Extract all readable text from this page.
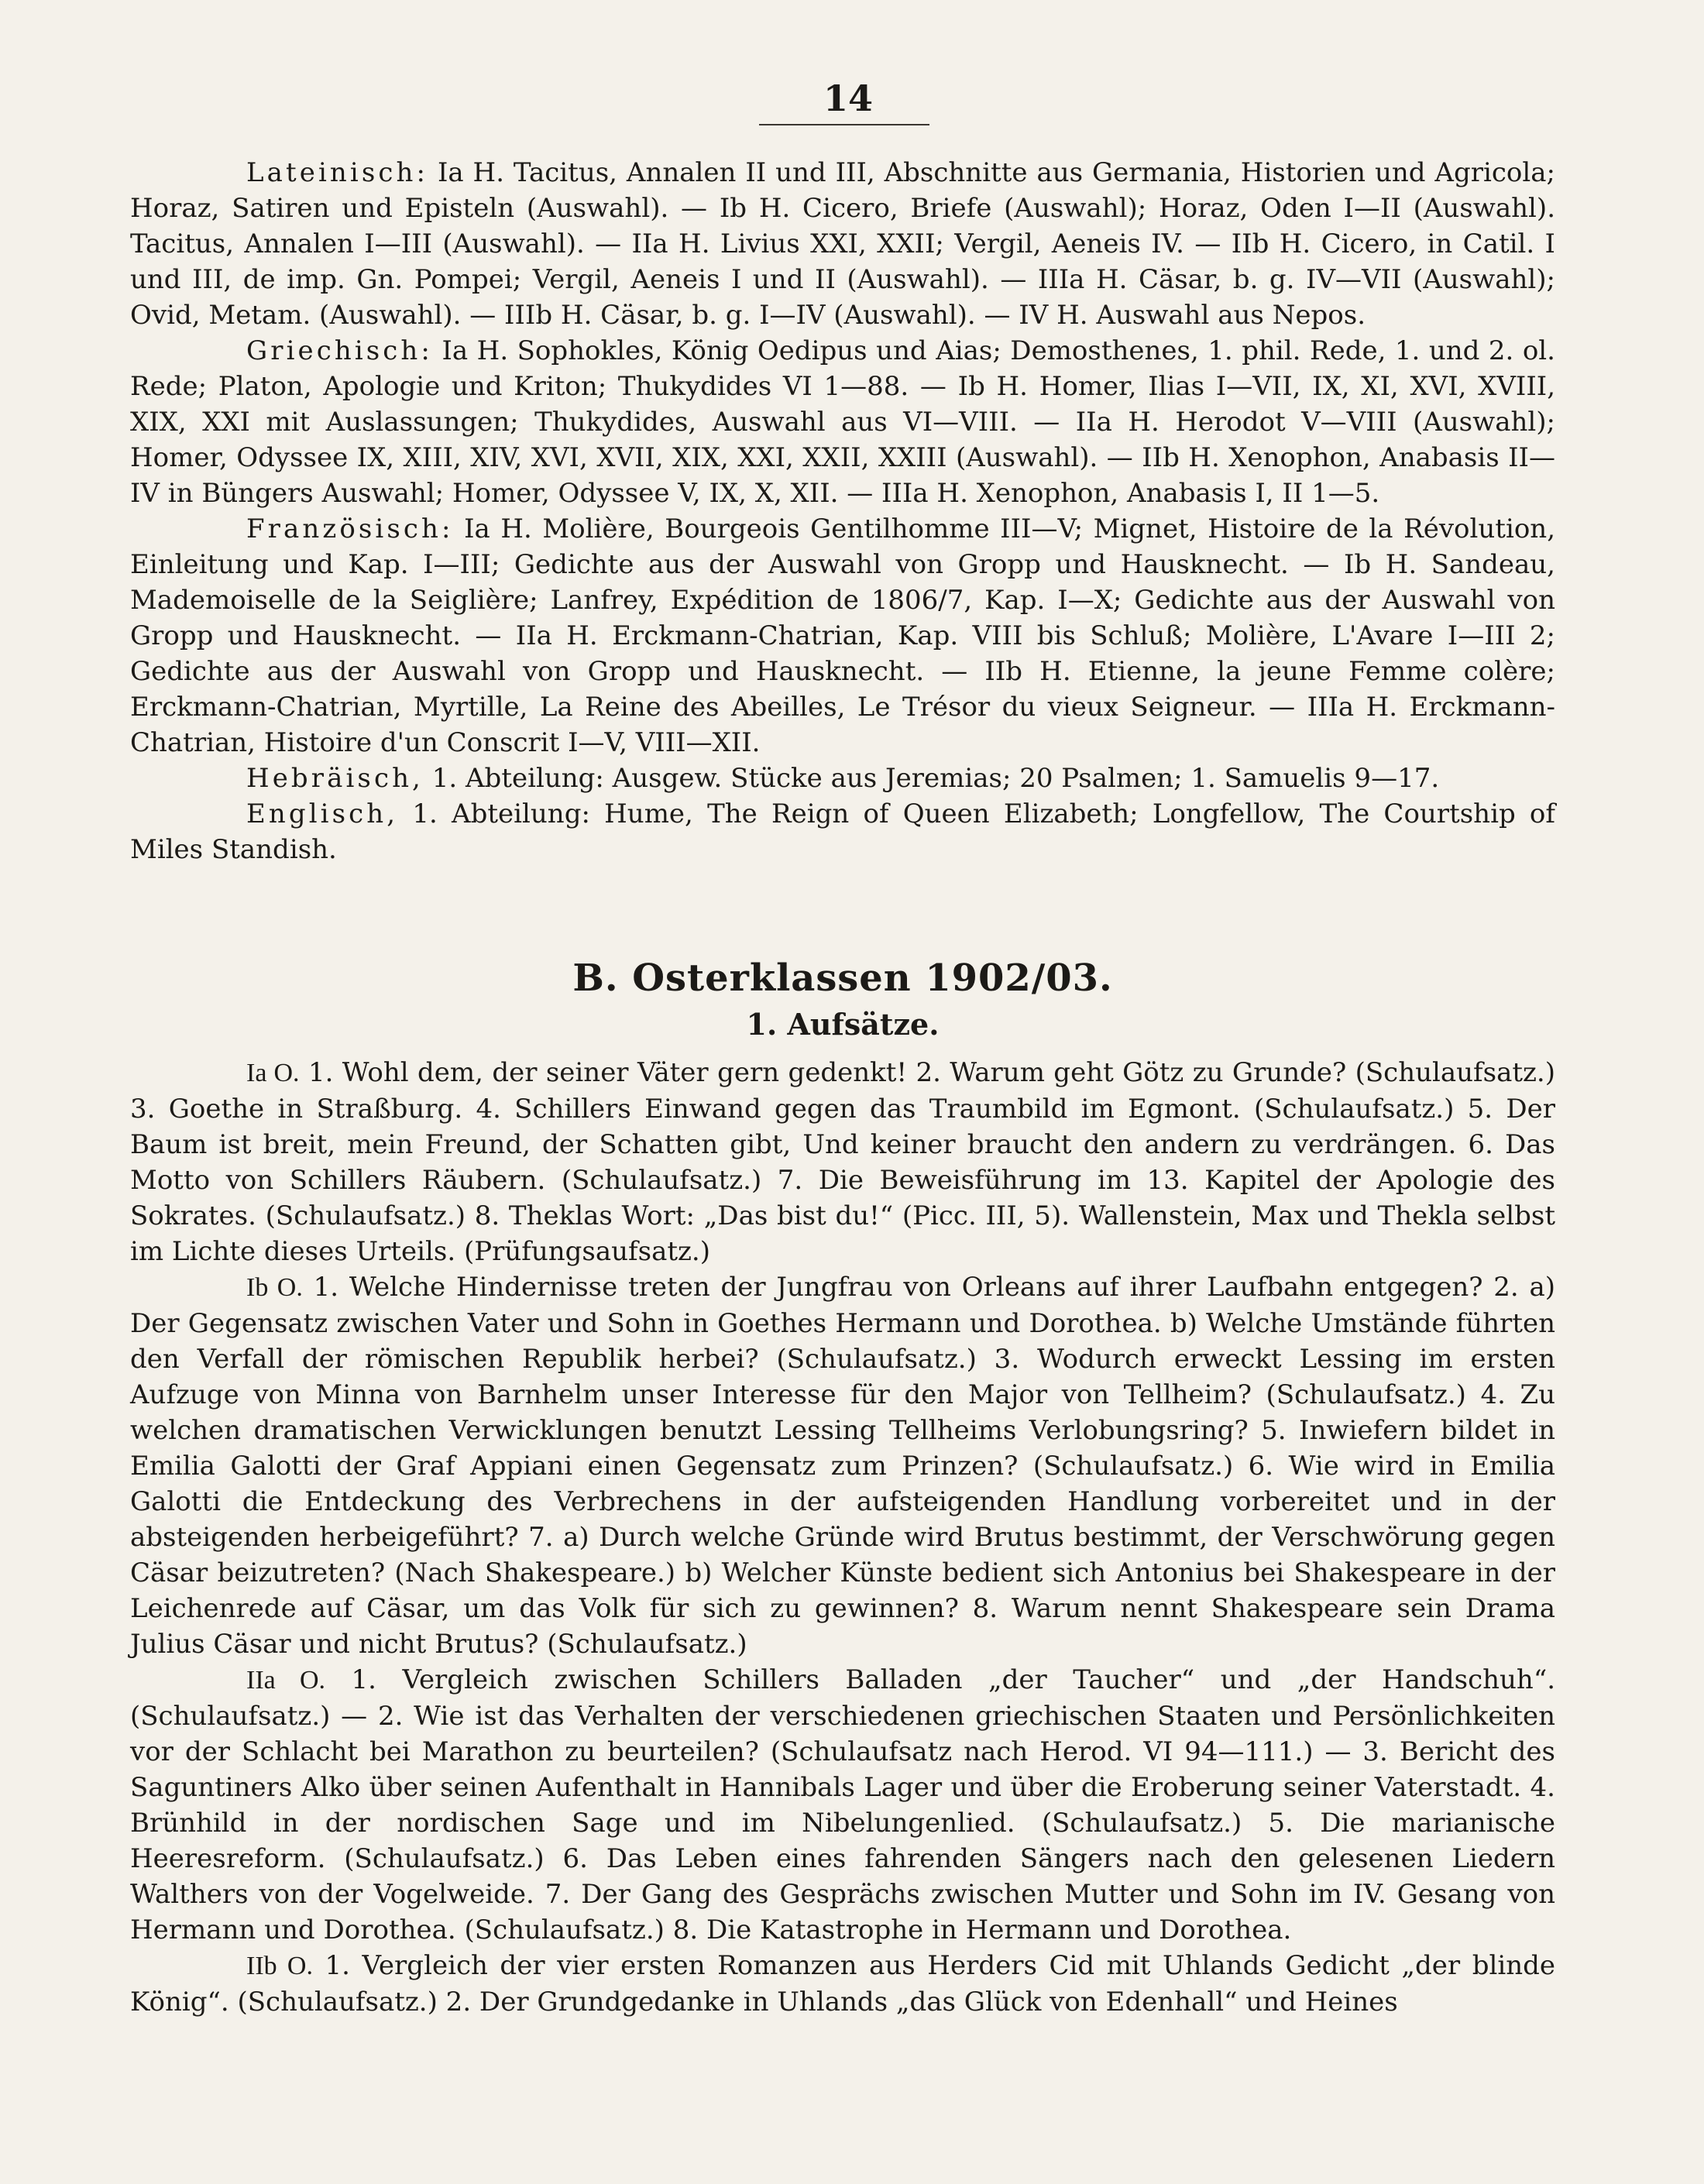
14

Lateinisch: Ia H. Tacitus, Annalen II und III, Abschnitte aus Germania, Historien und Agricola; Horaz, Satiren und Episteln (Auswahl). — Ib H. Cicero, Briefe (Auswahl); Horaz, Oden I—II (Auswahl). Tacitus, Annalen I—III (Auswahl). — IIa H. Livius XXI, XXII; Vergil, Aeneis IV. — IIb H. Cicero, in Catil. I und III, de imp. Gn. Pompei; Vergil, Aeneis I und II (Auswahl). — IIIa H. Cäsar, b. g. IV—VII (Auswahl); Ovid, Metam. (Auswahl). — IIIb H. Cäsar, b. g. I—IV (Auswahl). — IV H. Auswahl aus Nepos.

Griechisch: Ia H. Sophokles, König Oedipus und Aias; Demosthenes, 1. phil. Rede, 1. und 2. ol. Rede; Platon, Apologie und Kriton; Thukydides VI 1—88. — Ib H. Homer, Ilias I—VII, IX, XI, XVI, XVIII, XIX, XXI mit Auslassungen; Thukydides, Auswahl aus VI—VIII. — IIa H. Herodot V—VIII (Auswahl); Homer, Odyssee IX, XIII, XIV, XVI, XVII, XIX, XXI, XXII, XXIII (Auswahl). — IIb H. Xenophon, Anabasis II—IV in Büngers Auswahl; Homer, Odyssee V, IX, X, XII. — IIIa H. Xenophon, Anabasis I, II 1—5.

Französisch: Ia H. Molière, Bourgeois Gentilhomme III—V; Mignet, Histoire de la Révolution, Einleitung und Kap. I—III; Gedichte aus der Auswahl von Gropp und Hausknecht. — Ib H. Sandeau, Mademoiselle de la Seiglière; Lanfrey, Expédition de 1806/7, Kap. I—X; Gedichte aus der Auswahl von Gropp und Hausknecht. — IIa H. Erckmann-Chatrian, Kap. VIII bis Schluß; Molière, L'Avare I—III 2; Gedichte aus der Auswahl von Gropp und Hausknecht. — IIb H. Etienne, la jeune Femme colère; Erckmann-Chatrian, Myrtille, La Reine des Abeilles, Le Trésor du vieux Seigneur. — IIIa H. Erckmann-Chatrian, Histoire d'un Conscrit I—V, VIII—XII.

Hebräisch, 1. Abteilung: Ausgew. Stücke aus Jeremias; 20 Psalmen; 1. Samuelis 9—17.

Englisch, 1. Abteilung: Hume, The Reign of Queen Elizabeth; Longfellow, The Courtship of Miles Standish.

B. Osterklassen 1902/03.
1. Aufsätze.

Ia O. 1. Wohl dem, der seiner Väter gern gedenkt! 2. Warum geht Götz zu Grunde? (Schulaufsatz.) 3. Goethe in Straßburg. 4. Schillers Einwand gegen das Traumbild im Egmont. (Schulaufsatz.) 5. Der Baum ist breit, mein Freund, der Schatten gibt, Und keiner braucht den andern zu verdrängen. 6. Das Motto von Schillers Räubern. (Schulaufsatz.) 7. Die Beweisführung im 13. Kapitel der Apologie des Sokrates. (Schulaufsatz.) 8. Theklas Wort: „Das bist du!“ (Picc. III, 5). Wallenstein, Max und Thekla selbst im Lichte dieses Urteils. (Prüfungsaufsatz.)

Ib O. 1. Welche Hindernisse treten der Jungfrau von Orleans auf ihrer Laufbahn entgegen? 2. a) Der Gegensatz zwischen Vater und Sohn in Goethes Hermann und Dorothea. b) Welche Umstände führten den Verfall der römischen Republik herbei? (Schulaufsatz.) 3. Wodurch erweckt Lessing im ersten Aufzuge von Minna von Barnhelm unser Interesse für den Major von Tellheim? (Schulaufsatz.) 4. Zu welchen dramatischen Verwicklungen benutzt Lessing Tellheims Verlobungsring? 5. Inwiefern bildet in Emilia Galotti der Graf Appiani einen Gegensatz zum Prinzen? (Schulaufsatz.) 6. Wie wird in Emilia Galotti die Entdeckung des Verbrechens in der aufsteigenden Handlung vorbereitet und in der absteigenden herbeigeführt? 7. a) Durch welche Gründe wird Brutus bestimmt, der Verschwörung gegen Cäsar beizutreten? (Nach Shakespeare.) b) Welcher Künste bedient sich Antonius bei Shakespeare in der Leichenrede auf Cäsar, um das Volk für sich zu gewinnen? 8. Warum nennt Shakespeare sein Drama Julius Cäsar und nicht Brutus? (Schulaufsatz.)

IIa O. 1. Vergleich zwischen Schillers Balladen „der Taucher“ und „der Handschuh“. (Schulaufsatz.) — 2. Wie ist das Verhalten der verschiedenen griechischen Staaten und Persönlichkeiten vor der Schlacht bei Marathon zu beurteilen? (Schulaufsatz nach Herod. VI 94—111.) — 3. Bericht des Saguntiners Alko über seinen Aufenthalt in Hannibals Lager und über die Eroberung seiner Vaterstadt. 4. Brünhild in der nordischen Sage und im Nibelungenlied. (Schulaufsatz.) 5. Die marianische Heeresreform. (Schulaufsatz.) 6. Das Leben eines fahrenden Sängers nach den gelesenen Liedern Walthers von der Vogelweide. 7. Der Gang des Gesprächs zwischen Mutter und Sohn im IV. Gesang von Hermann und Dorothea. (Schulaufsatz.) 8. Die Katastrophe in Hermann und Dorothea.

IIb O. 1. Vergleich der vier ersten Romanzen aus Herders Cid mit Uhlands Gedicht „der blinde König“. (Schulaufsatz.) 2. Der Grundgedanke in Uhlands „das Glück von Edenhall“ und Heines
